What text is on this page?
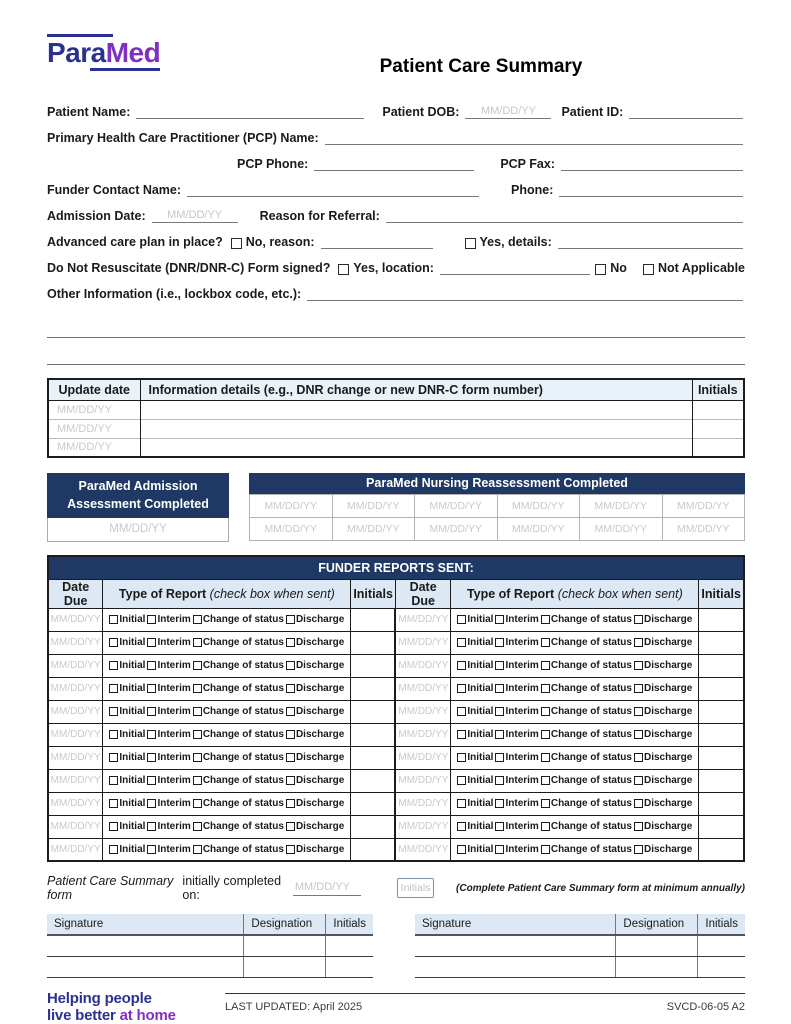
ParaMed	Patient Care Summary
Patient Name:	Patient DOB:	MM/DD/YY	Patient ID:
Primary Health Care Practitioner (PCP) Name:
PCP Phone:	PCP Fax:
Funder Contact Name:	Phone:
Admission Date:	MM/DD/YY	Reason for Referral:
Advanced care plan in place? No, reason:	Yes, details:
Do Not Resuscitate (DNR/DNR-C) Form signed? Yes, location:	No Not Applicable
Other Information (i.e., lockbox code, etc.):
Update date	Information details (e.g., DNR change or new DNR-C form number)	Initials
MM/DD/YY		
MM/DD/YY		
MM/DD/YY		
ParaMed Admission
Assessment Completed
MM/DD/YY
ParaMed Nursing Reassessment Completed
MM/DD/YY	MM/DD/YY	MM/DD/YY	MM/DD/YY	MM/DD/YY	MM/DD/YY
MM/DD/YY	MM/DD/YY	MM/DD/YY	MM/DD/YY	MM/DD/YY	MM/DD/YY
FUNDER REPORTS SENT:					
Date Due	Type of Report (check box when sent)	Initials	Date Due	Type of Report (check box when sent)	Initials
MM/DD/YY	Initial Interim Change of status Discharge		MM/DD/YY	Initial Interim Change of status Discharge	

MM/DD/YY	Initial Interim Change of status Discharge		MM/DD/YY	Initial Interim Change of status Discharge	

MM/DD/YY	Initial Interim Change of status Discharge		MM/DD/YY	Initial Interim Change of status Discharge	

MM/DD/YY	Initial Interim Change of status Discharge		MM/DD/YY	Initial Interim Change of status Discharge	

MM/DD/YY	Initial Interim Change of status Discharge		MM/DD/YY	Initial Interim Change of status Discharge	

MM/DD/YY	Initial Interim Change of status Discharge		MM/DD/YY	Initial Interim Change of status Discharge	

MM/DD/YY	Initial Interim Change of status Discharge		MM/DD/YY	Initial Interim Change of status Discharge	

MM/DD/YY	Initial Interim Change of status Discharge		MM/DD/YY	Initial Interim Change of status Discharge	

MM/DD/YY	Initial Interim Change of status Discharge		MM/DD/YY	Initial Interim Change of status Discharge	

MM/DD/YY	Initial Interim Change of status Discharge		MM/DD/YY	Initial Interim Change of status Discharge	

MM/DD/YY	Initial Interim Change of status Discharge		MM/DD/YY	Initial Interim Change of status Discharge	

Patient Care Summary form
initially completed on:
MM/DD/YY	Initials	(Complete Patient Care Summary form at minimum annually)
Signature	Designation	Initials

			Signature	Designation	Initials

Helping people
live better at home
LAST UPDATED: April 2025	SVCD-06-05 A2
